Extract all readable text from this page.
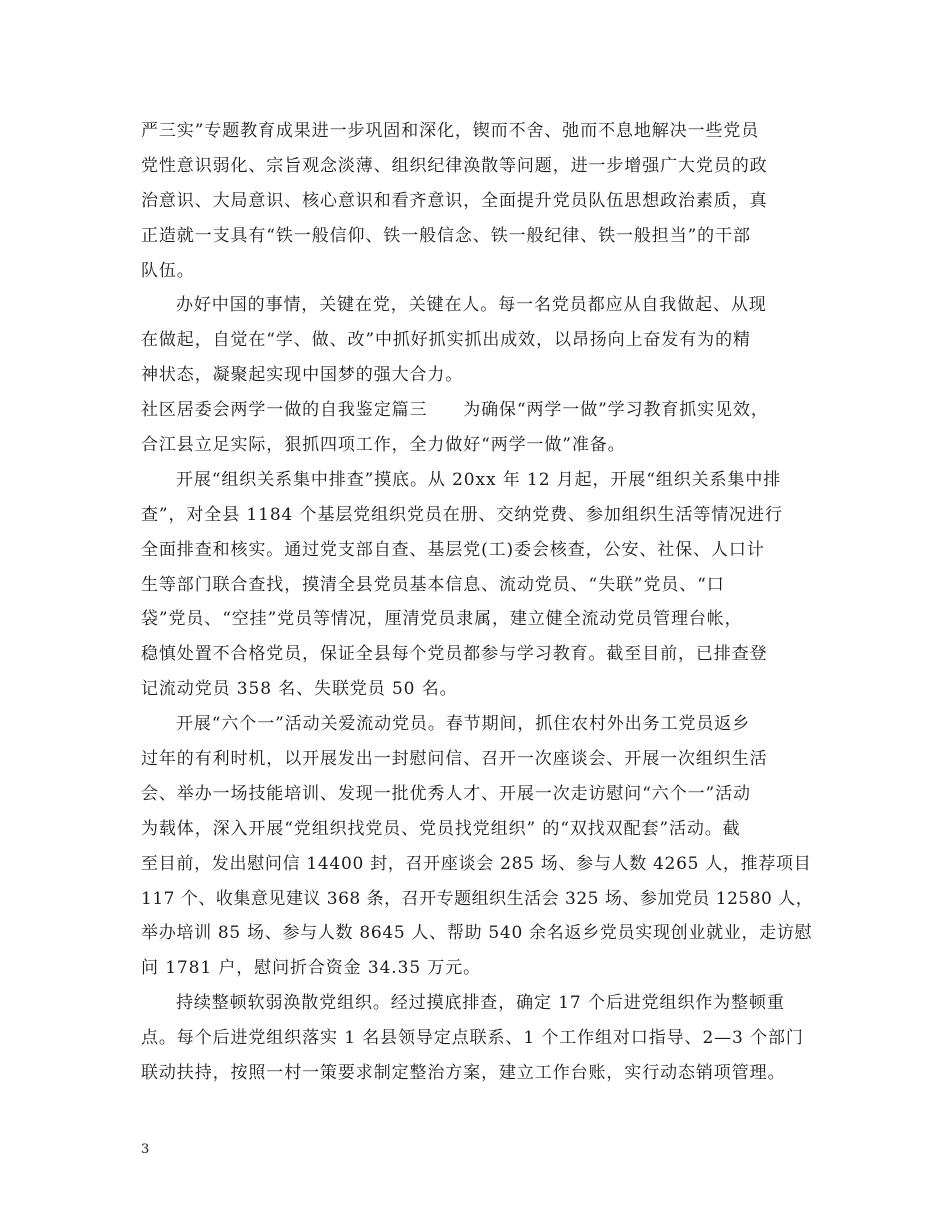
严三实”专题教育成果进一步巩固和深化，锲而不舍、弛而不息地解决一些党员
党性意识弱化、宗旨观念淡薄、组织纪律涣散等问题，进一步增强广大党员的政
治意识、大局意识、核心意识和看齐意识，全面提升党员队伍思想政治素质，真
正造就一支具有“铁一般信仰、铁一般信念、铁一般纪律、铁一般担当”的干部
队伍。
办好中国的事情，关键在党，关键在人。每一名党员都应从自我做起、从现
在做起，自觉在“学、做、改”中抓好抓实抓出成效，以昂扬向上奋发有为的精
神状态，凝聚起实现中国梦的强大合力。
社区居委会两学一做的自我鉴定篇三　　为确保“两学一做”学习教育抓实见效，
合江县立足实际，狠抓四项工作，全力做好“两学一做”准备。
开展“组织关系集中排查”摸底。从 20xx 年 12 月起，开展“组织关系集中排
查”，对全县 1184 个基层党组织党员在册、交纳党费、参加组织生活等情况进行
全面排查和核实。通过党支部自查、基层党(工)委会核查，公安、社保、人口计
生等部门联合查找，摸清全县党员基本信息、流动党员、“失联”党员、“口
袋”党员、“空挂”党员等情况，厘清党员隶属，建立健全流动党员管理台帐，
稳慎处置不合格党员，保证全县每个党员都参与学习教育。截至目前，已排查登
记流动党员 358 名、失联党员 50 名。
开展“六个一”活动关爱流动党员。春节期间，抓住农村外出务工党员返乡
过年的有利时机，以开展发出一封慰问信、召开一次座谈会、开展一次组织生活
会、举办一场技能培训、发现一批优秀人才、开展一次走访慰问“六个一”活动
为载体，深入开展“党组织找党员、党员找党组织” 的“双找双配套”活动。截
至目前，发出慰问信 14400 封，召开座谈会 285 场、参与人数 4265 人，推荐项目
117 个、收集意见建议 368 条，召开专题组织生活会 325 场、参加党员 12580 人，
举办培训 85 场、参与人数 8645 人、帮助 540 余名返乡党员实现创业就业，走访慰
问 1781 户，慰问折合资金 34.35 万元。
持续整顿软弱涣散党组织。经过摸底排查，确定 17 个后进党组织作为整顿重
点。每个后进党组织落实 1 名县领导定点联系、1 个工作组对口指导、2—3 个部门
联动扶持，按照一村一策要求制定整治方案，建立工作台账，实行动态销项管理。
3
